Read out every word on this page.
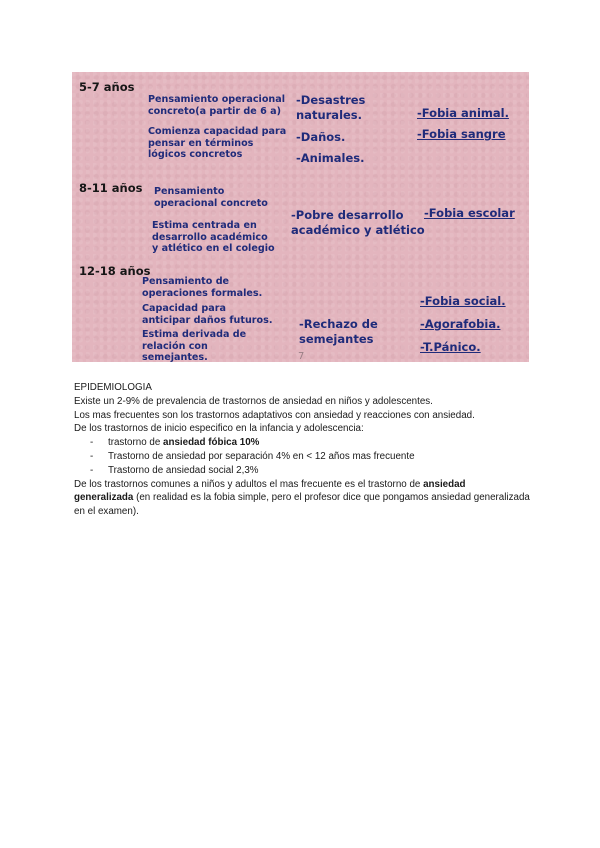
5-7 años
Pensamiento operacional
concreto(a partir de 6 a)
Comienza capacidad para
pensar en términos
lógicos concretos
-Desastres
naturales.
-Daños.
-Animales.
-Fobia animal.
-Fobia sangre
8-11 años Pensamiento
operacional concreto
Estima centrada en
desarrollo académico
y atlético en el colegio
-Pobre desarrollo
académico y atlético
-Fobia escolar
12-18 años
Pensamiento de
operaciones formales.
Capacidad para
anticipar daños futuros.
Estima derivada de
relación con
semejantes.
-Rechazo de
semejantes
-Fobia social.
-Agorafobia.
-T.Pánico.
7

EPIDEMIOLOGIA

Existe un 2-9% de prevalencia de trastornos de ansiedad en niños y adolescentes.

Los mas frecuentes son los trastornos adaptativos con ansiedad y reacciones con ansiedad.

De los trastornos de inicio especifico en la infancia y adolescencia:

- trastorno de ansiedad fóbica 10%
- Trastorno de ansiedad por separación 4% en < 12 años mas frecuente
- Trastorno de ansiedad social 2,3%

De los trastornos comunes a niños y adultos el mas frecuente es el trastorno de ansiedad
generalizada (en realidad es la fobia simple, pero el profesor dice que pongamos ansiedad generalizada en el examen).
